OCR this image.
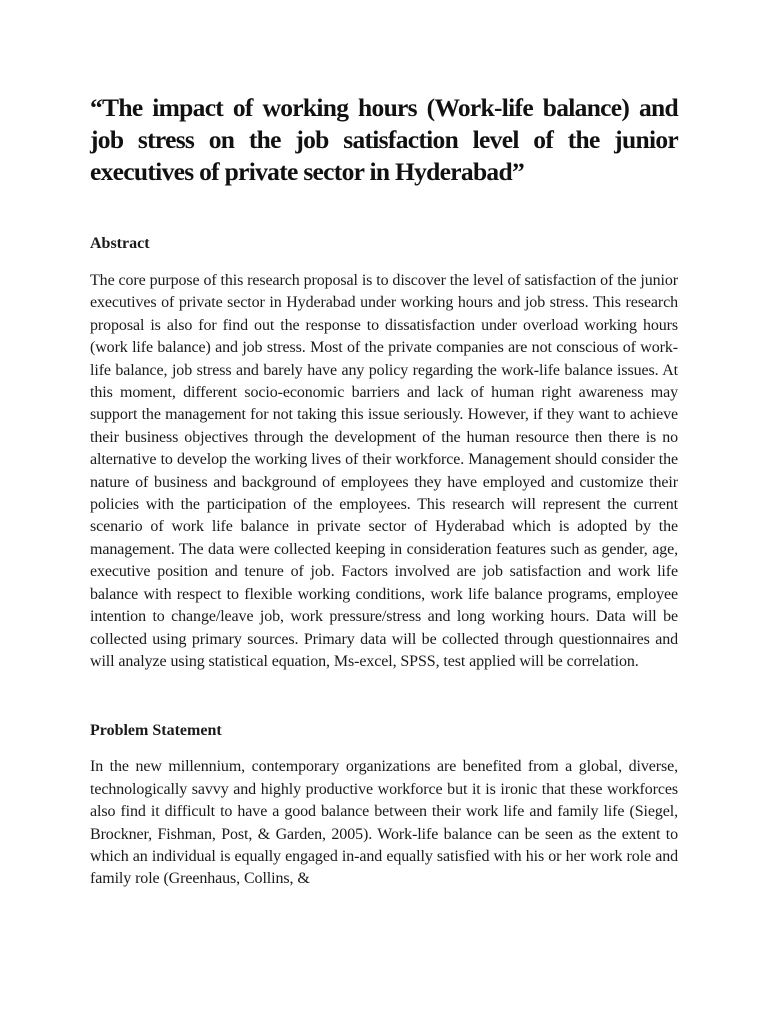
“The impact of working hours (Work-life balance) and job stress on the job satisfaction level of the junior executives of private sector in Hyderabad”
Abstract

The core purpose of this research proposal is to discover the level of satisfaction of the junior executives of private sector in Hyderabad under working hours and job stress. This research proposal is also for find out the response to dissatisfaction under overload working hours (work life balance) and job stress. Most of the private companies are not conscious of work-life balance, job stress and barely have any policy regarding the work-life balance issues. At this moment, different socio-economic barriers and lack of human right awareness may support the management for not taking this issue seriously. However, if they want to achieve their business objectives through the development of the human resource then there is no alternative to develop the working lives of their workforce. Management should consider the nature of business and background of employees they have employed and customize their policies with the participation of the employees. This research will represent the current scenario of work life balance in private sector of Hyderabad which is adopted by the management. The data were collected keeping in consideration features such as gender, age, executive position and tenure of job. Factors involved are job satisfaction and work life balance with respect to flexible working conditions, work life balance programs, employee intention to change/leave job, work pressure/stress and long working hours. Data will be collected using primary sources. Primary data will be collected through questionnaires and will analyze using statistical equation, Ms-excel, SPSS, test applied will be correlation.

Problem Statement

In the new millennium, contemporary organizations are benefited from a global, diverse, technologically savvy and highly productive workforce but it is ironic that these workforces also find it difficult to have a good balance between their work life and family life (Siegel, Brockner, Fishman, Post, & Garden, 2005). Work-life balance can be seen as the extent to which an individual is equally engaged in-and equally satisfied with his or her work role and family role (Greenhaus, Collins, &
